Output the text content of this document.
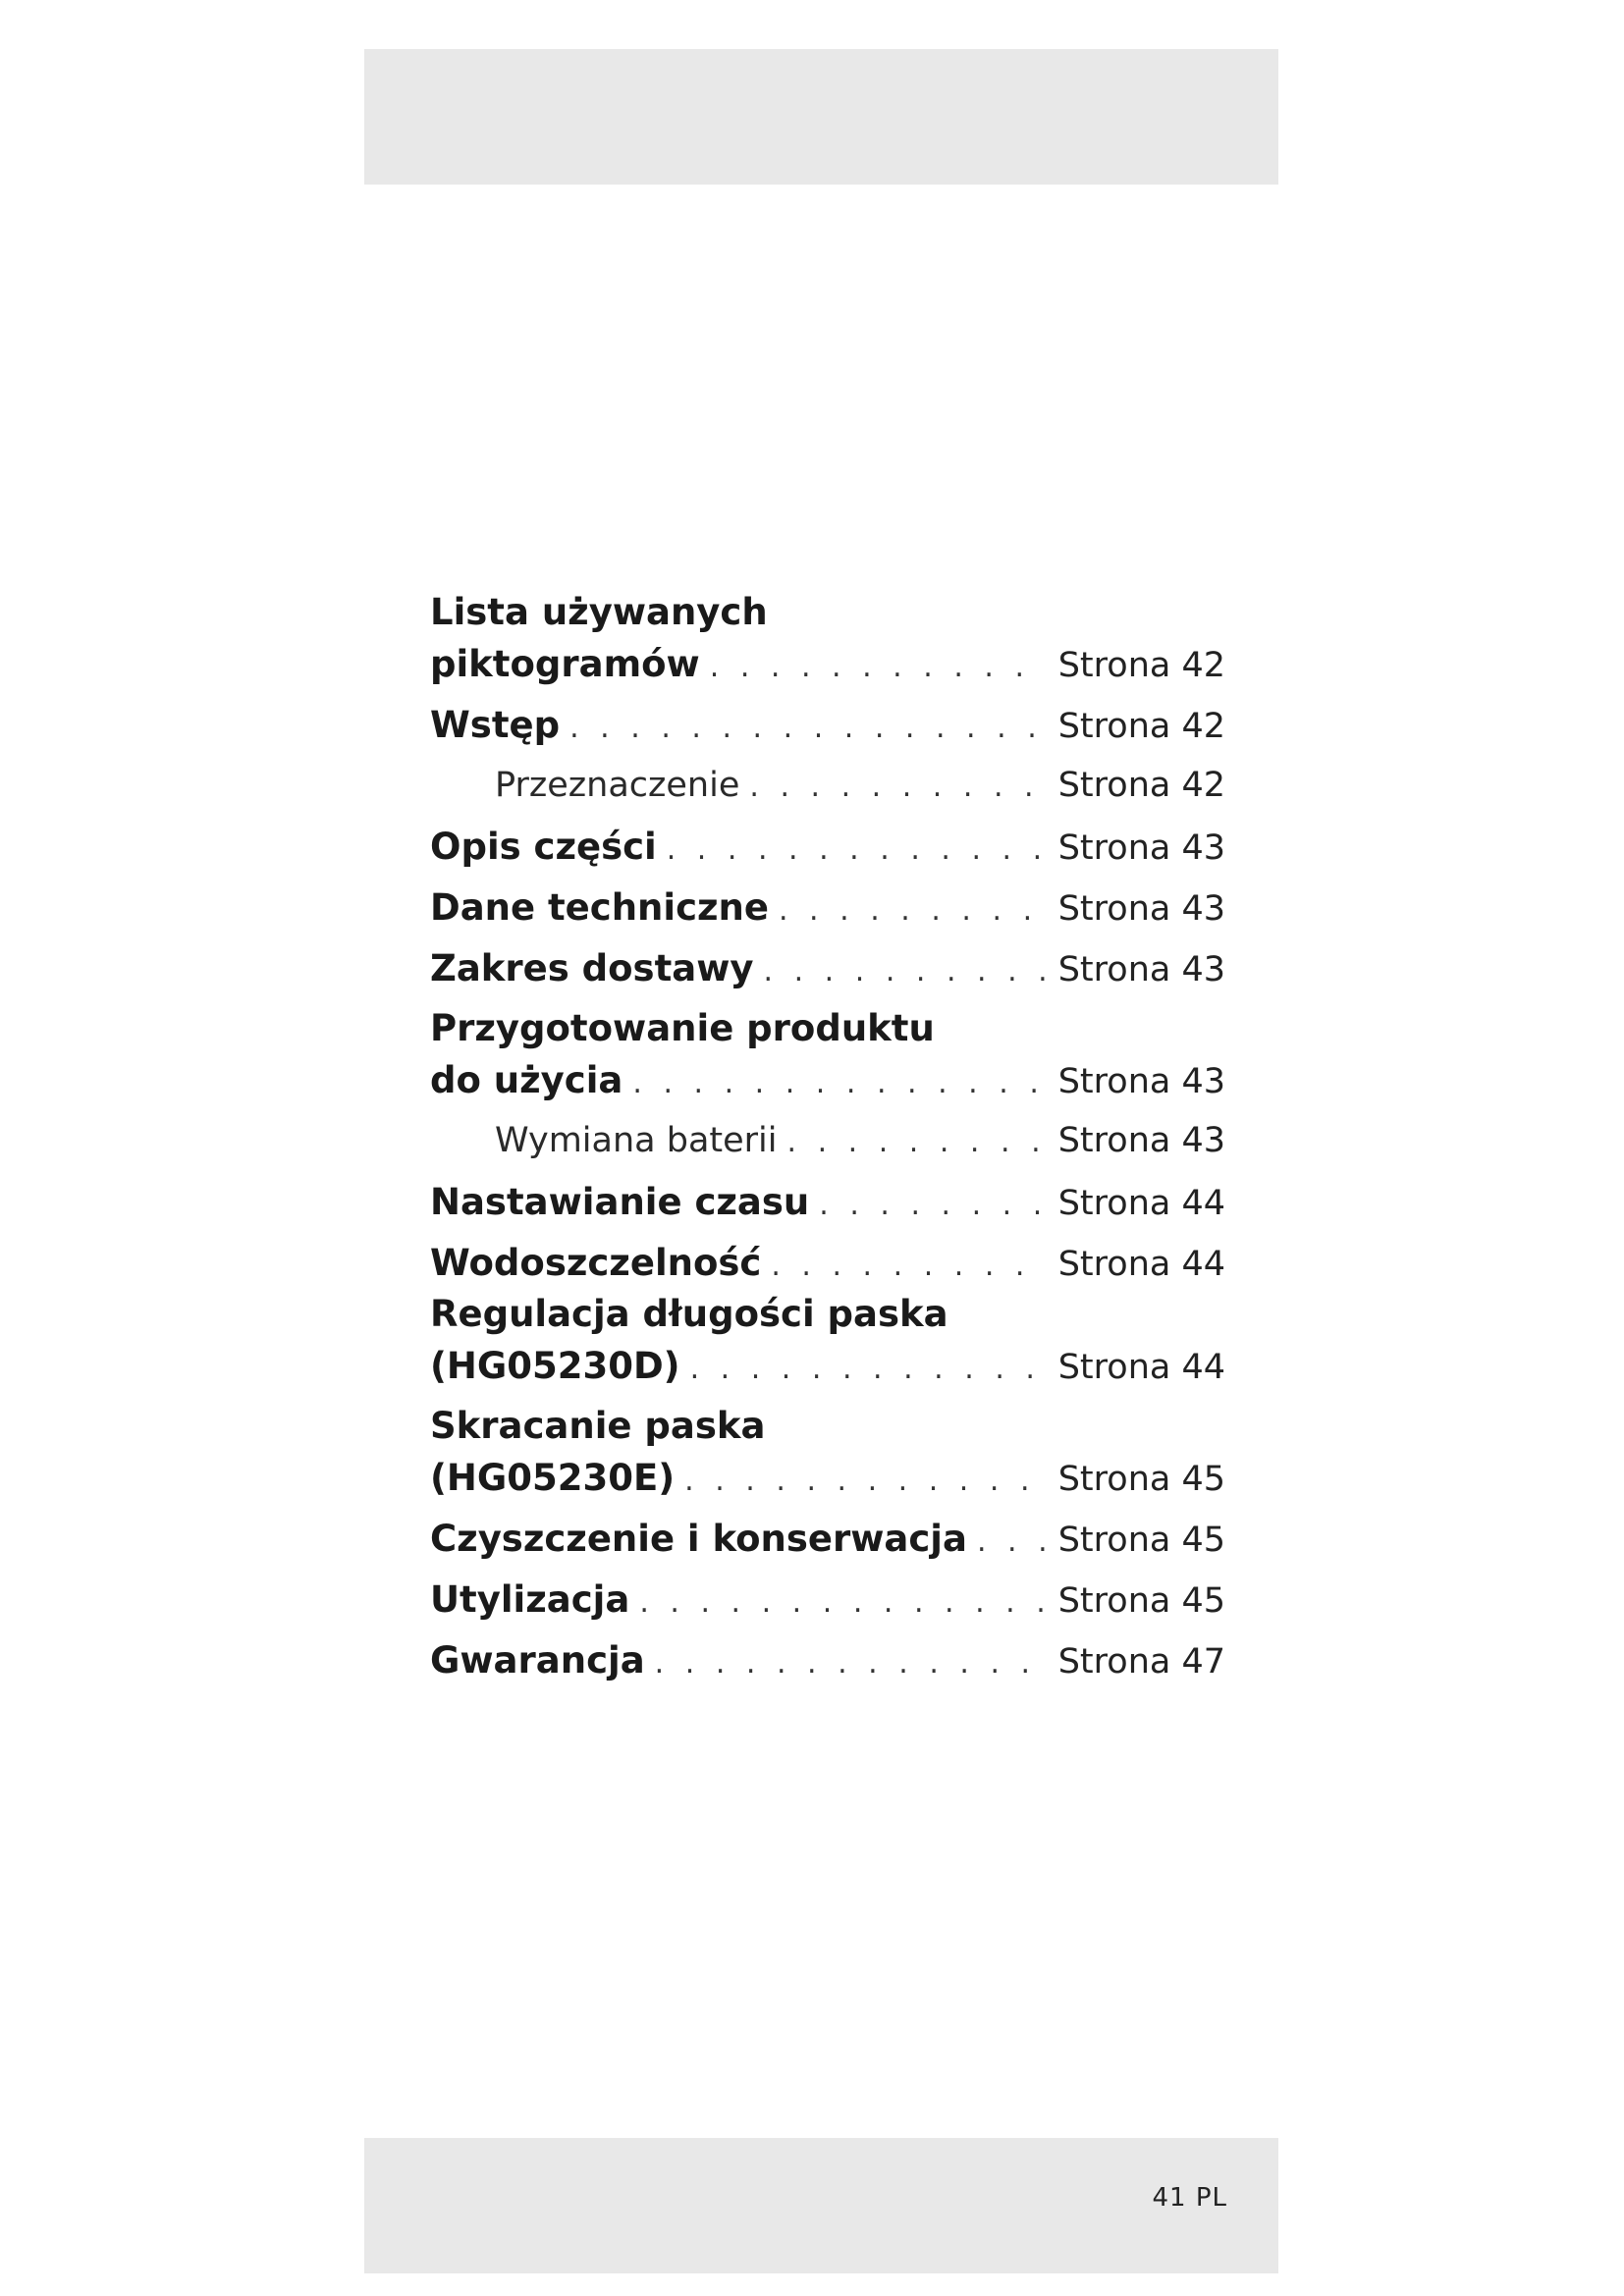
Lista używanych
piktogramów . . .	Strona 42
Wstęp . . .	Strona 42
Przeznaczenie . . .	Strona 42
Opis części . . .	Strona 43
Dane techniczne . . .	Strona 43
Zakres dostawy . . .	Strona 43
Przygotowanie produktu
do użycia . . .	Strona 43
Wymiana baterii . . .	Strona 43
Nastawianie czasu . . .	Strona 44
Wodoszczelność . . .	Strona 44
Regulacja długości paska
(HG05230D) . . .	Strona 44
Skracanie paska
(HG05230E) . . .	Strona 45
Czyszczenie i konserwacja . . .	Strona 45
Utylizacja . . .	Strona 45
Gwarancja . . .	Strona 47
41 PL
